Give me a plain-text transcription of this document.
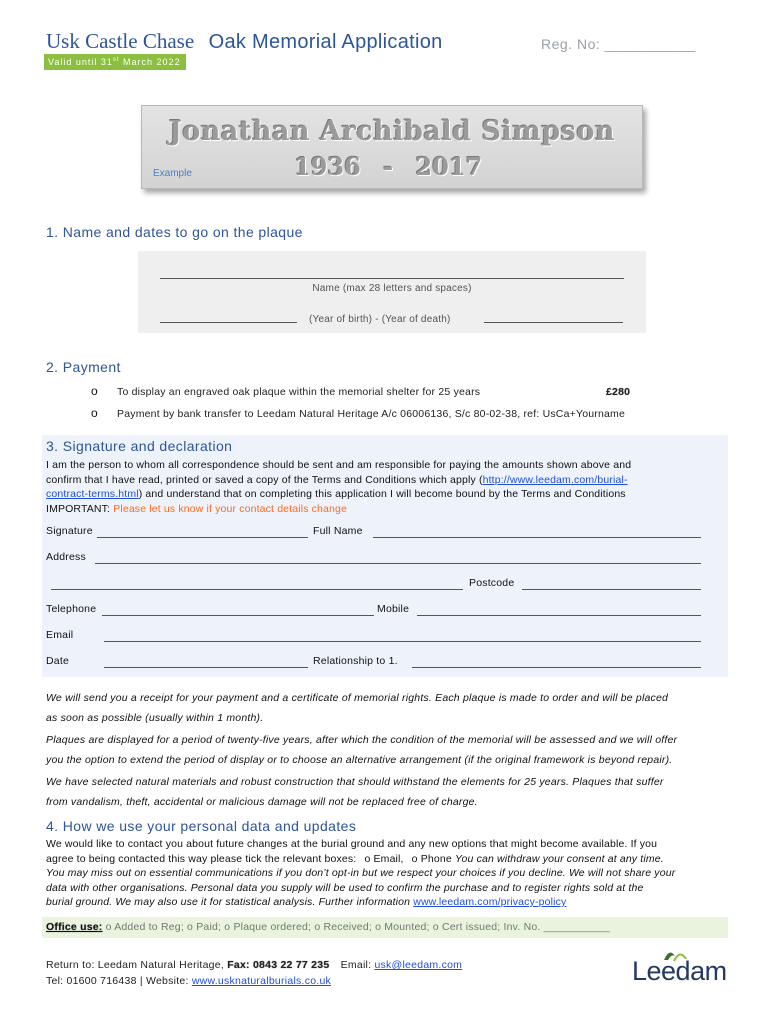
Usk Castle Chase Oak Memorial Application	Reg. No: ___________
Valid until 31st March 2022
Jonathan Archibald Simpson
1936 - 2017
Example
1. Name and dates to go on the plaque
Name (max 28 letters and spaces)
(Year of birth) - (Year of death)
2. Payment
o To display an engraved oak plaque within the memorial shelter for 25 years	£280
o Payment by bank transfer to Leedam Natural Heritage A/c 06006136, S/c 80-02-38, ref: UsCa+Yourname
3. Signature and declaration
I am the person to whom all correspondence should be sent and am responsible for paying the amounts shown above and
confirm that I have read, printed or saved a copy of the Terms and Conditions which apply (http://www.leedam.com/burial-
contract-terms.html) and understand that on completing this application I will become bound by the Terms and Conditions
IMPORTANT: Please let us know if your contact details change
Signature	Full Name
Address
Postcode
Telephone	Mobile
Email
Date	Relationship to 1.
We will send you a receipt for your payment and a certificate of memorial rights. Each plaque is made to order and will be placed
as soon as possible (usually within 1 month).
Plaques are displayed for a period of twenty-five years, after which the condition of the memorial will be assessed and we will offer
you the option to extend the period of display or to choose an alternative arrangement (if the original framework is beyond repair).
We have selected natural materials and robust construction that should withstand the elements for 25 years. Plaques that suffer
from vandalism, theft, accidental or malicious damage will not be replaced free of charge.
4. How we use your personal data and updates
We would like to contact you about future changes at the burial ground and any new options that might become available. If you
agree to being contacted this way please tick the relevant boxes: o Email, o Phone You can withdraw your consent at any time.
You may miss out on essential communications if you don’t opt-in but we respect your choices if you decline. We will not share your
data with other organisations. Personal data you supply will be used to confirm the purchase and to register rights sold at the
burial ground. We may also use it for statistical analysis. Further information www.leedam.com/privacy-policy
Office use: o Added to Reg; o Paid; o Plaque ordered; o Received; o Mounted; o Cert issued; Inv. No. ___________
Return to: Leedam Natural Heritage, Fax: 0843 22 77 235 Email: usk@leedam.com
Tel: 01600 716438 | Website: www.usknaturalburials.co.uk	Leedam
